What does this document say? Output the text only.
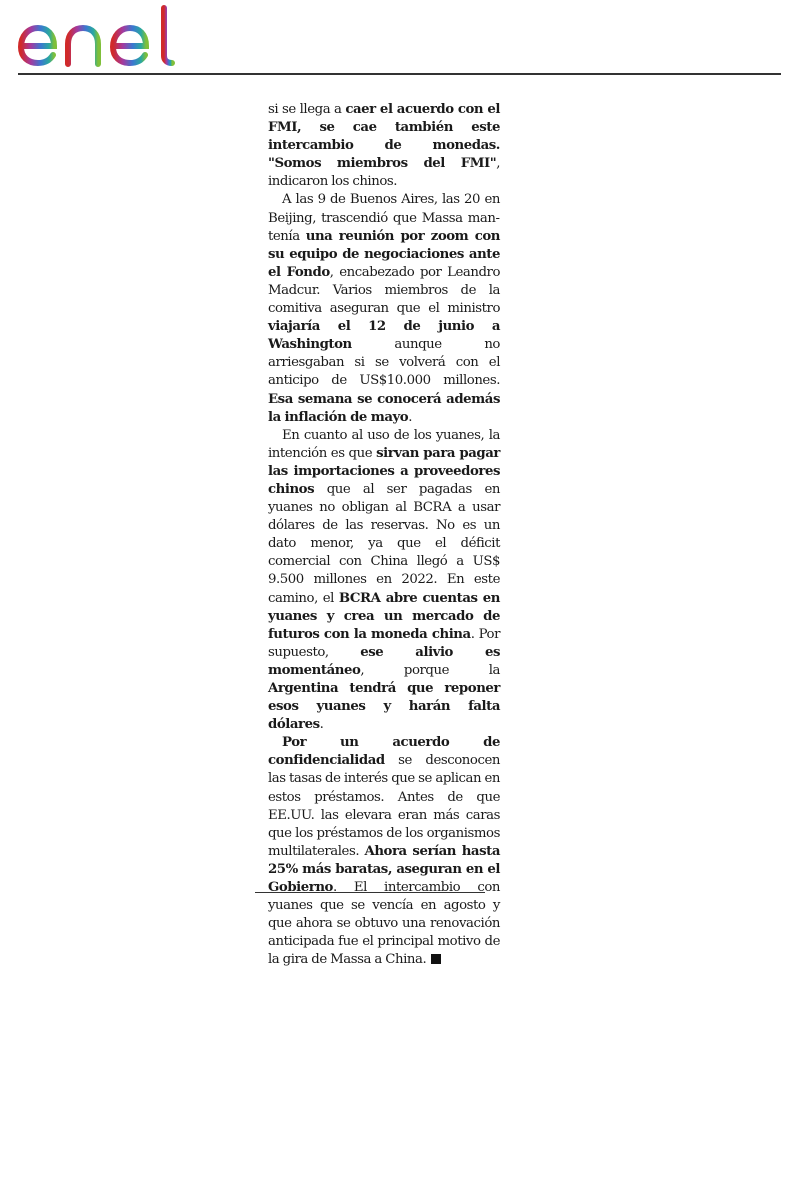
si se llega a caer el acuerdo con el FMI, se cae también este intercambio de monedas. "Somos miembros del FMI", indicaron los chinos.

A las 9 de Buenos Aires, las 20 en Beijing, trascendió que Massa mantenía una reunión por zoom con su equipo de negociaciones ante el Fondo, encabezado por Leandro Madcur. Varios miembros de la comitiva aseguran que el ministro viajaría el 12 de junio a Washington aunque no arriesgaban si se volverá con el anticipo de US$10.000 millones. Esa semana se conocerá además la inflación de mayo.

En cuanto al uso de los yuanes, la intención es que sirvan para pagar las importaciones a proveedores chinos que al ser pagadas en yuanes no obligan al BCRA a usar dólares de las reservas. No es un dato menor, ya que el déficit comercial con China llegó a US$ 9.500 millones en 2022. En este camino, el BCRA abre cuentas en yuanes y crea un mercado de futuros con la moneda china. Por supuesto, ese alivio es momentáneo, porque la Argentina tendrá que reponer esos yuanes y harán falta dólares.

Por un acuerdo de confidencialidad se desconocen las tasas de interés que se aplican en estos préstamos. Antes de que EE.UU. las elevara eran más caras que los préstamos de los organismos multilaterales. Ahora serían hasta 25% más baratas, aseguran en el Gobierno. El intercambio con yuanes que se vencía en agosto y que ahora se obtuvo una renovación anticipada fue el principal motivo de la gira de Massa a China.
